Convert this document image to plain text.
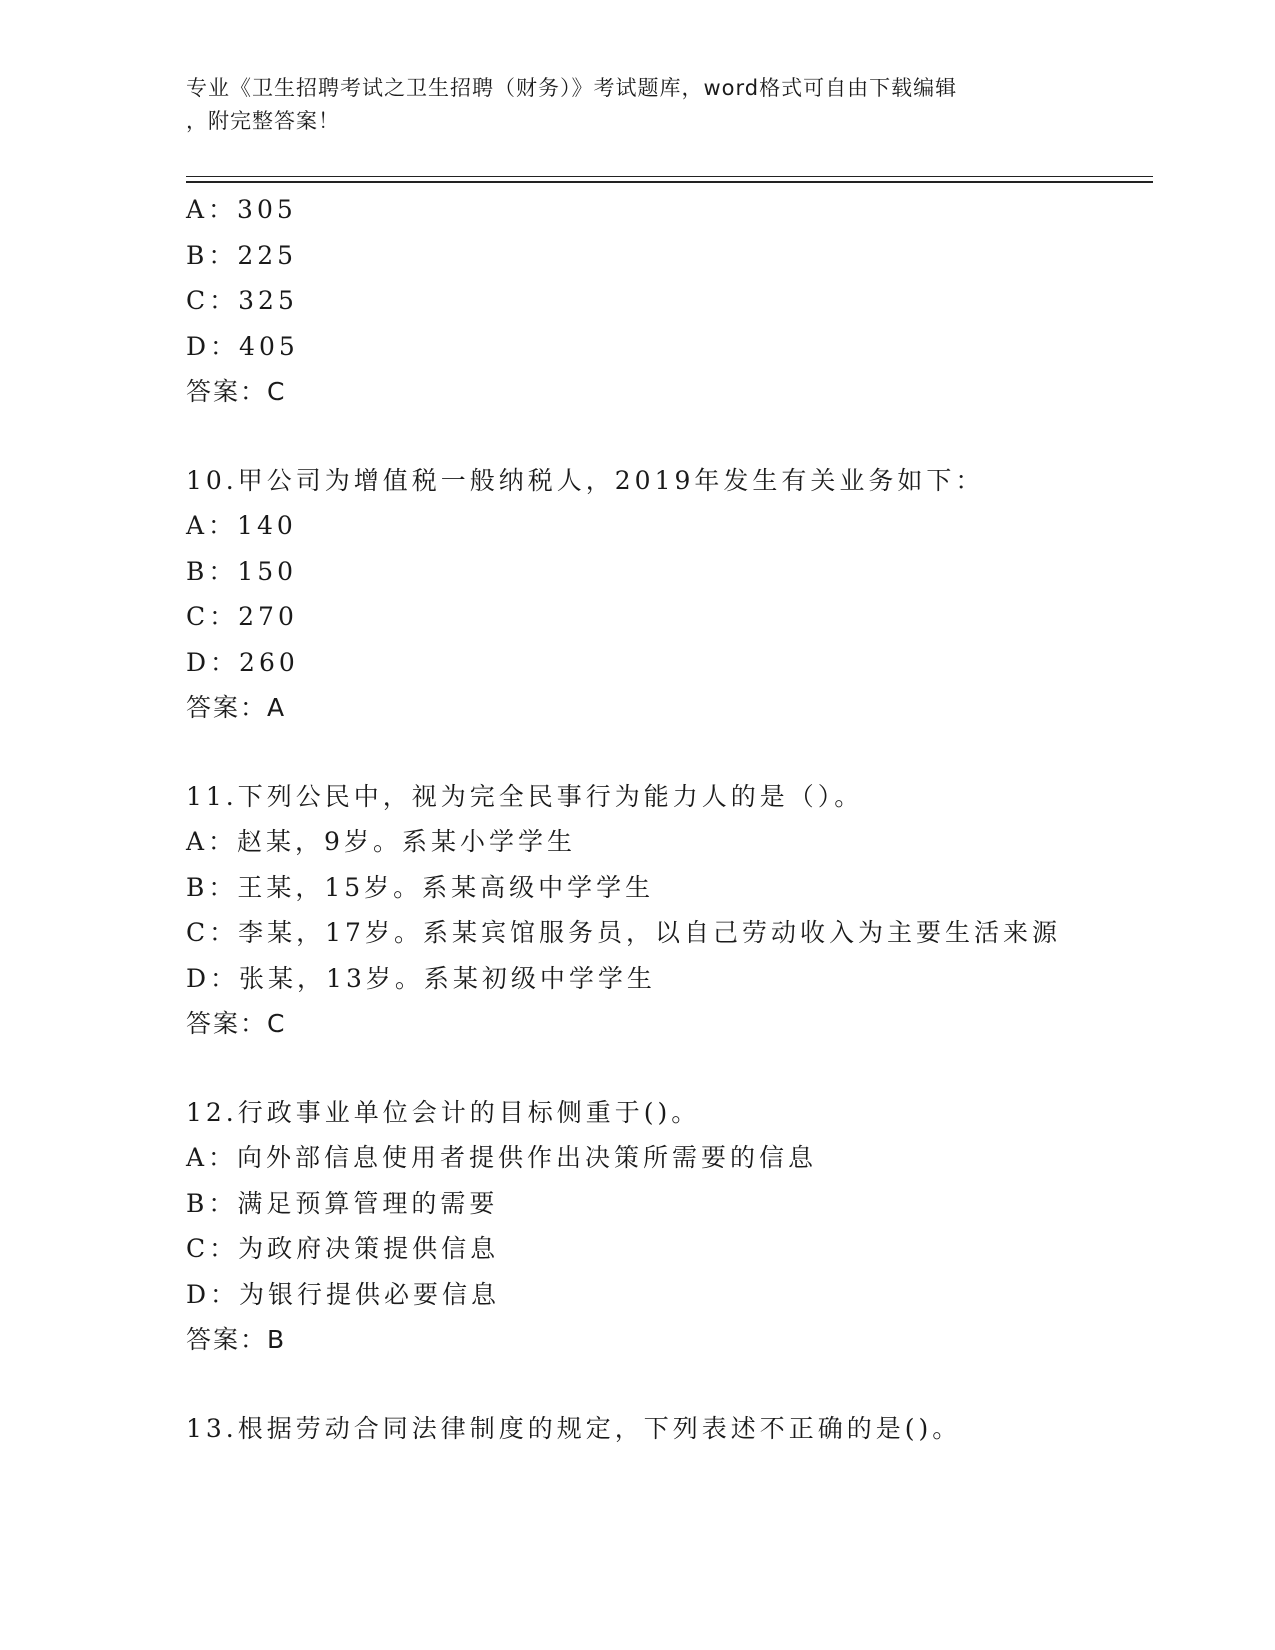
专业《卫生招聘考试之卫生招聘（财务）》考试题库，word格式可自由下载编辑
，附完整答案！
A：305
B：225
C：325
D：405
答案：C
10.甲公司为增值税一般纳税人，2019年发生有关业务如下：
A：140
B：150
C：270
D：260
答案：A
11.下列公民中，视为完全民事行为能力人的是（）。
A：赵某，9岁。系某小学学生
B：王某，15岁。系某高级中学学生
C：李某，17岁。系某宾馆服务员，以自己劳动收入为主要生活来源
D：张某，13岁。系某初级中学学生
答案：C
12.行政事业单位会计的目标侧重于()。
A：向外部信息使用者提供作出决策所需要的信息
B：满足预算管理的需要
C：为政府决策提供信息
D：为银行提供必要信息
答案：B
13.根据劳动合同法律制度的规定，下列表述不正确的是()。
